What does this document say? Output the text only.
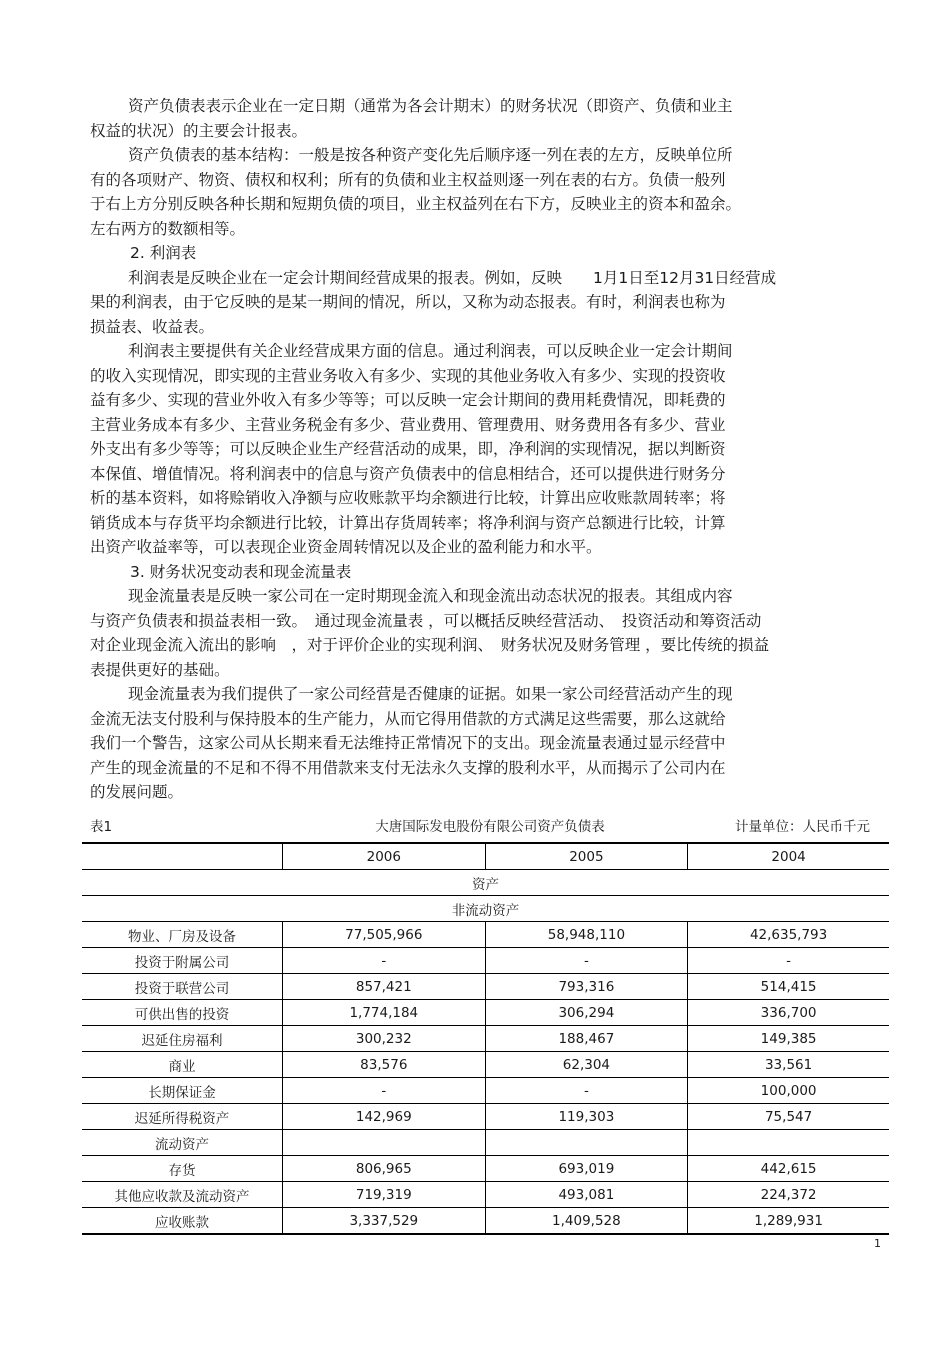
资产负债表表示企业在一定日期（通常为各会计期末）的财务状况（即资产、负债和业主
权益的状况）的主要会计报表。
资产负债表的基本结构：一般是按各种资产变化先后顺序逐一列在表的左方，反映单位所
有的各项财产、物资、债权和权利；所有的负债和业主权益则逐一列在表的右方。负债一般列
于右上方分别反映各种长期和短期负债的项目，业主权益列在右下方，反映业主的资本和盈余。
左右两方的数额相等。
2. 利润表
利润表是反映企业在一定会计期间经营成果的报表。例如，反映　　1月1日至12月31日经营成
果的利润表，由于它反映的是某一期间的情况，所以，又称为动态报表。有时，利润表也称为
损益表、收益表。
利润表主要提供有关企业经营成果方面的信息。通过利润表，可以反映企业一定会计期间
的收入实现情况，即实现的主营业务收入有多少、实现的其他业务收入有多少、实现的投资收
益有多少、实现的营业外收入有多少等等；可以反映一定会计期间的费用耗费情况，即耗费的
主营业务成本有多少、主营业务税金有多少、营业费用、管理费用、财务费用各有多少、营业
外支出有多少等等；可以反映企业生产经营活动的成果，即，净利润的实现情况，据以判断资
本保值、增值情况。将利润表中的信息与资产负债表中的信息相结合，还可以提供进行财务分
析的基本资料，如将赊销收入净额与应收账款平均余额进行比较，计算出应收账款周转率；将
销货成本与存货平均余额进行比较，计算出存货周转率；将净利润与资产总额进行比较，计算
出资产收益率等，可以表现企业资金周转情况以及企业的盈利能力和水平。
3. 财务状况变动表和现金流量表
现金流量表是反映一家公司在一定时期现金流入和现金流出动态状况的报表。其组成内容
与资产负债表和损益表相一致。　通过现金流量表 ，可以概括反映经营活动、　投资活动和筹资活动
对企业现金流入流出的影响　，对于评价企业的实现利润、　财务状况及财务管理 ，要比传统的损益
表提供更好的基础。
现金流量表为我们提供了一家公司经营是否健康的证据。如果一家公司经营活动产生的现
金流无法支付股利与保持股本的生产能力，从而它得用借款的方式满足这些需要，那么这就给
我们一个警告，这家公司从长期来看无法维持正常情况下的支出。现金流量表通过显示经营中
产生的现金流量的不足和不得不用借款来支付无法永久支撑的股利水平，从而揭示了公司内在
的发展问题。
表1	大唐国际发电股份有限公司资产负债表	计量单位：人民币千元
	2006	2005	2004
资产			
非流动资产			
物业、厂房及设备	77,505,966	58,948,110	42,635,793
投资于附属公司	-	-	-
投资于联营公司	857,421	793,316	514,415
可供出售的投资	1,774,184	306,294	336,700
迟延住房福利	300,232	188,467	149,385
商业	83,576	62,304	33,561
长期保证金	-	-	100,000
迟延所得税资产	142,969	119,303	75,547
流动资产			
存货	806,965	693,019	442,615
其他应收款及流动资产	719,319	493,081	224,372
应收账款	3,337,529	1,409,528	1,289,931
1
